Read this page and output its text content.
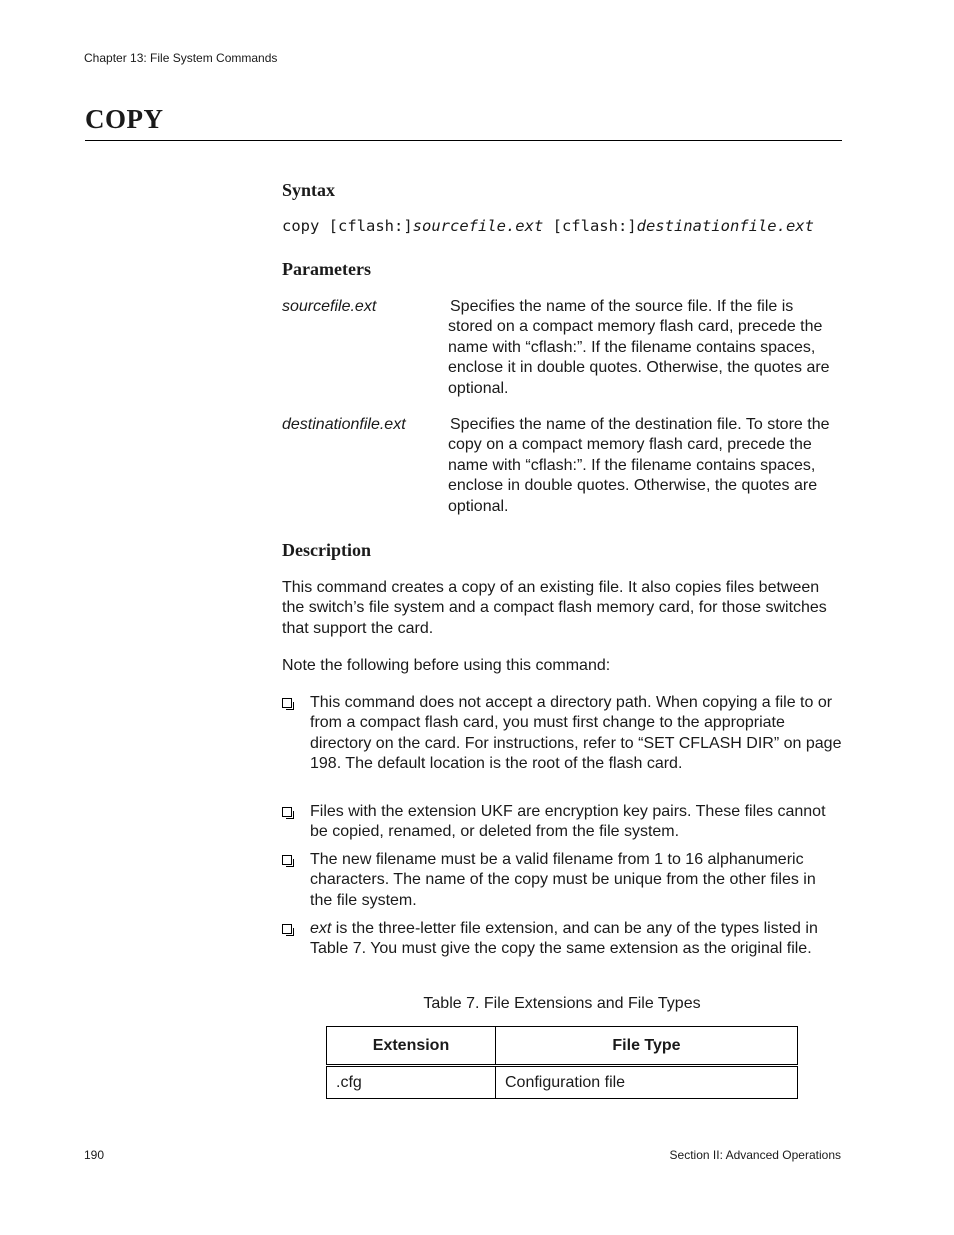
Chapter 13: File System Commands
COPY
Syntax
copy [cflash:]sourcefile.ext [cflash:]destinationfile.ext
Parameters
sourcefile.ext	Specifies the name of the source file. If the file is stored on a compact memory flash card, precede the name with “cflash:”. If the filename contains spaces, enclose it in double quotes. Otherwise, the quotes are optional.
destinationfile.ext	Specifies the name of the destination file. To store the copy on a compact memory flash card, precede the name with “cflash:”. If the filename contains spaces, enclose in double quotes. Otherwise, the quotes are optional.
Description
This command creates a copy of an existing file. It also copies files between the switch’s file system and a compact flash memory card, for those switches that support the card.
Note the following before using this command:
This command does not accept a directory path. When copying a file to or from a compact flash card, you must first change to the appropriate directory on the card. For instructions, refer to “SET CFLASH DIR” on page 198. The default location is the root of the flash card.
Files with the extension UKF are encryption key pairs. These files cannot be copied, renamed, or deleted from the file system.
The new filename must be a valid filename from 1 to 16 alphanumeric characters. The name of the copy must be unique from the other files in the file system.
ext is the three-letter file extension, and can be any of the types listed in Table 7. You must give the copy the same extension as the original file.
Table 7. File Extensions and File Types
Extension	File Type
.cfg	Configuration file
190	Section II: Advanced Operations
